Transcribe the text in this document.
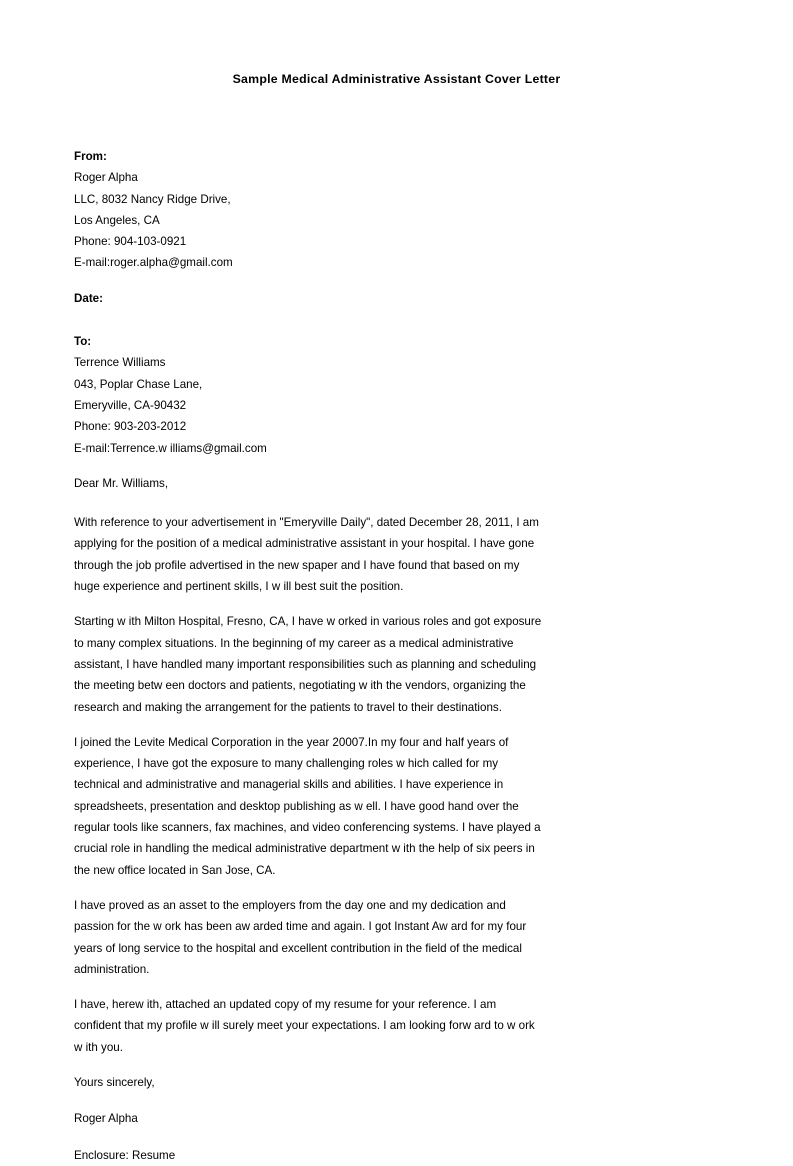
Sample Medical Administrative Assistant Cover Letter
From:
Roger Alpha
LLC, 8032 Nancy Ridge Drive,
Los Angeles, CA
Phone: 904-103-0921
E-mail:roger.alpha@gmail.com
Date:
To:
Terrence Williams
043, Poplar Chase Lane,
Emeryville, CA-90432
Phone: 903-203-2012
E-mail:Terrence.w illiams@gmail.com
Dear Mr. Williams,

With reference to your advertisement in "Emeryville Daily", dated December 28, 2011, I am applying for the position of a medical administrative assistant in your hospital. I have gone through the job profile advertised in the new spaper and I have found that based on my huge experience and pertinent skills, I w ill best suit the position.

Starting w ith Milton Hospital, Fresno, CA, I have w orked in various roles and got exposure to many complex situations. In the beginning of my career as a medical administrative assistant, I have handled many important responsibilities such as planning and scheduling the meeting betw een doctors and patients, negotiating w ith the vendors, organizing the research and making the arrangement for the patients to travel to their destinations.

I joined the Levite Medical Corporation in the year 20007.In my four and half years of experience, I have got the exposure to many challenging roles w hich called for my technical and administrative and managerial skills and abilities. I have experience in spreadsheets, presentation and desktop publishing as w ell. I have good hand over the regular tools like scanners, fax machines, and video conferencing systems. I have played a crucial role in handling the medical administrative department w ith the help of six peers in the new office located in San Jose, CA.

I have proved as an asset to the employers from the day one and my dedication and passion for the w ork has been aw arded time and again. I got Instant Aw ard for my four years of long service to the hospital and excellent contribution in the field of the medical administration.

I have, herew ith, attached an updated copy of my resume for your reference. I am confident that my profile w ill surely meet your expectations. I am looking forw ard to w ork w ith you.

Yours sincerely,
Roger Alpha
Enclosure: Resume
